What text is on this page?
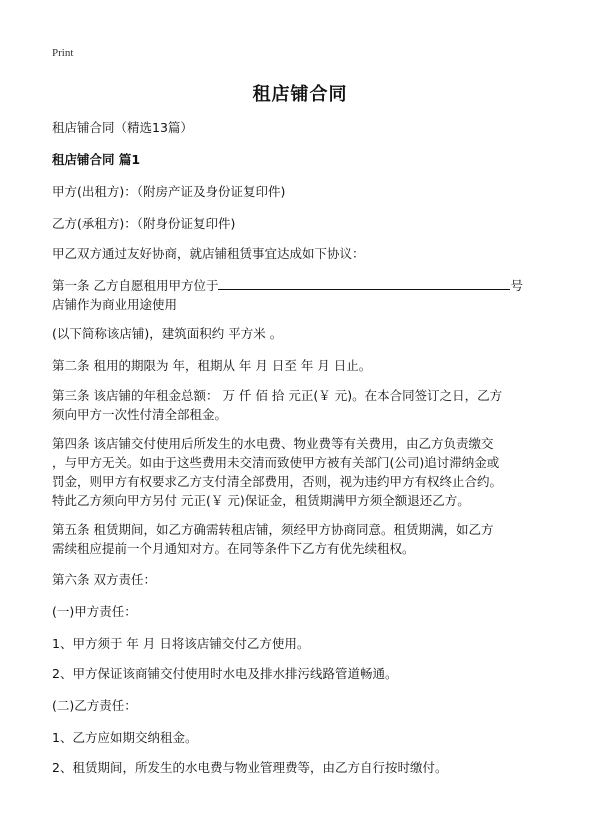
Print
租店铺合同

租店铺合同（精选13篇）

租店铺合同 篇1

甲方(出租方)：（附房产证及身份证复印件)

乙方(承租方)：（附身份证复印件)

甲乙双方通过友好协商，就店铺租赁事宜达成如下协议：

第一条 乙方自愿租用甲方位于	号
店铺作为商业用途使用

(以下简称该店铺)，建筑面积约 平方米 。

第二条 租用的期限为 年，租期从 年 月 日至 年 月 日止。

第三条 该店铺的年租金总额： 万 仟 佰 拾 元正(￥ 元)。在本合同签订之日，乙方
须向甲方一次性付清全部租金。
第四条 该店铺交付使用后所发生的水电费、物业费等有关费用，由乙方负责缴交
，与甲方无关。如由于这些费用未交清而致使甲方被有关部门(公司)追讨滞纳金或
罚金，则甲方有权要求乙方支付清全部费用，否则，视为违约甲方有权终止合约。
特此乙方须向甲方另付 元正(￥ 元)保证金，租赁期满甲方须全额退还乙方。
第五条 租赁期间，如乙方确需转租店铺，须经甲方协商同意。租赁期满，如乙方
需续租应提前一个月通知对方。在同等条件下乙方有优先续租权。

第六条 双方责任：

(一)甲方责任：

1、甲方须于 年 月 日将该店铺交付乙方使用。

2、甲方保证该商铺交付使用时水电及排水排污线路管道畅通。

(二)乙方责任：

1、乙方应如期交纳租金。

2、租赁期间，所发生的水电费与物业管理费等，由乙方自行按时缴付。
